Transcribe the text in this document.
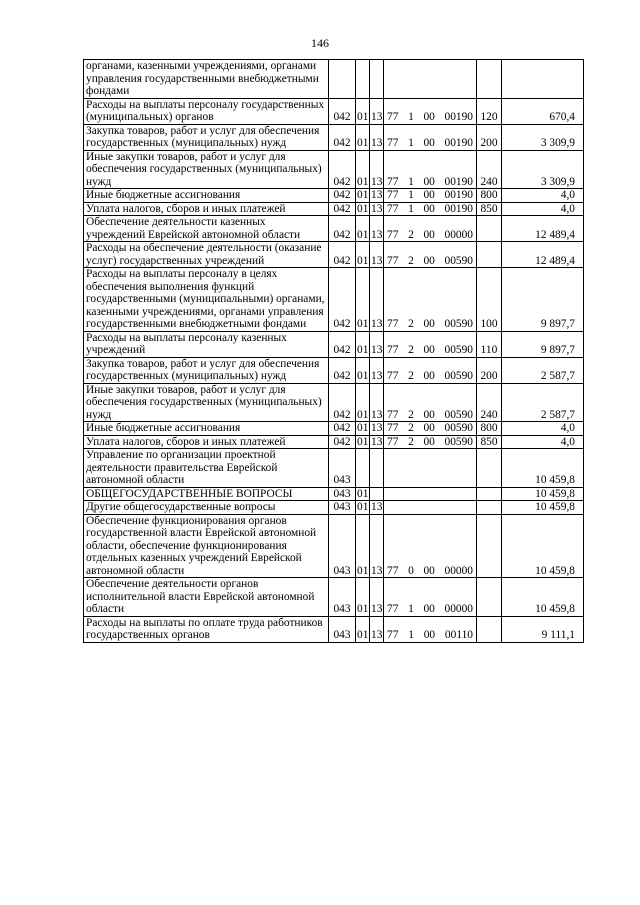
146
органами, казенными учреждениями, органами управления государственными внебюджетными фондами				

Расходы на выплаты персоналу государственных (муниципальных) органов	042	01	13	77 1 00 00190	120	670,4
Закупка товаров, работ и услуг для обеспечения государственных (муниципальных) нужд	042	01	13	77 1 00 00190	200	3 309,9
Иные закупки товаров, работ и услуг для обеспечения государственных (муниципальных) нужд	042	01	13	77 1 00 00190	240	3 309,9
Иные бюджетные ассигнования	042	01	13	77 1 00 00190	800	4,0
Уплата налогов, сборов и иных платежей	042	01	13	77 1 00 00190	850	4,0
Обеспечение деятельности казенных учреждений Еврейской автономной области	042	01	13	77 2 00 00000		12 489,4
Расходы на обеспечение деятельности (оказание услуг) государственных учреждений	042	01	13	77 2 00 00590		12 489,4
Расходы на выплаты персоналу в целях обеспечения выполнения функций государственными (муниципальными) органами, казенными учреждениями, органами управления государственными внебюджетными фондами	042	01	13	77 2 00 00590	100	9 897,7
Расходы на выплаты персоналу казенных учреждений	042	01	13	77 2 00 00590	110	9 897,7
Закупка товаров, работ и услуг для обеспечения государственных (муниципальных) нужд	042	01	13	77 2 00 00590	200	2 587,7
Иные закупки товаров, работ и услуг для обеспечения государственных (муниципальных) нужд	042	01	13	77 2 00 00590	240	2 587,7
Иные бюджетные ассигнования	042	01	13	77 2 00 00590	800	4,0
Уплата налогов, сборов и иных платежей	042	01	13	77 2 00 00590	850	4,0
Управление по организации проектной деятельности правительства Еврейской автономной области	043					10 459,8
ОБЩЕГОСУДАРСТВЕННЫЕ ВОПРОСЫ	043	01				10 459,8
Другие общегосударственные вопросы	043	01	13			10 459,8
Обеспечение функционирования органов государственной власти Еврейской автономной области, обеспечение функционирования отдельных казенных учреждений Еврейской автономной области	043	01	13	77 0 00 00000		10 459,8
Обеспечение деятельности органов исполнительной власти Еврейской автономной области	043	01	13	77 1 00 00000		10 459,8
Расходы на выплаты по оплате труда работников государственных органов	043	01	13	77 1 00 00110		9 111,1
